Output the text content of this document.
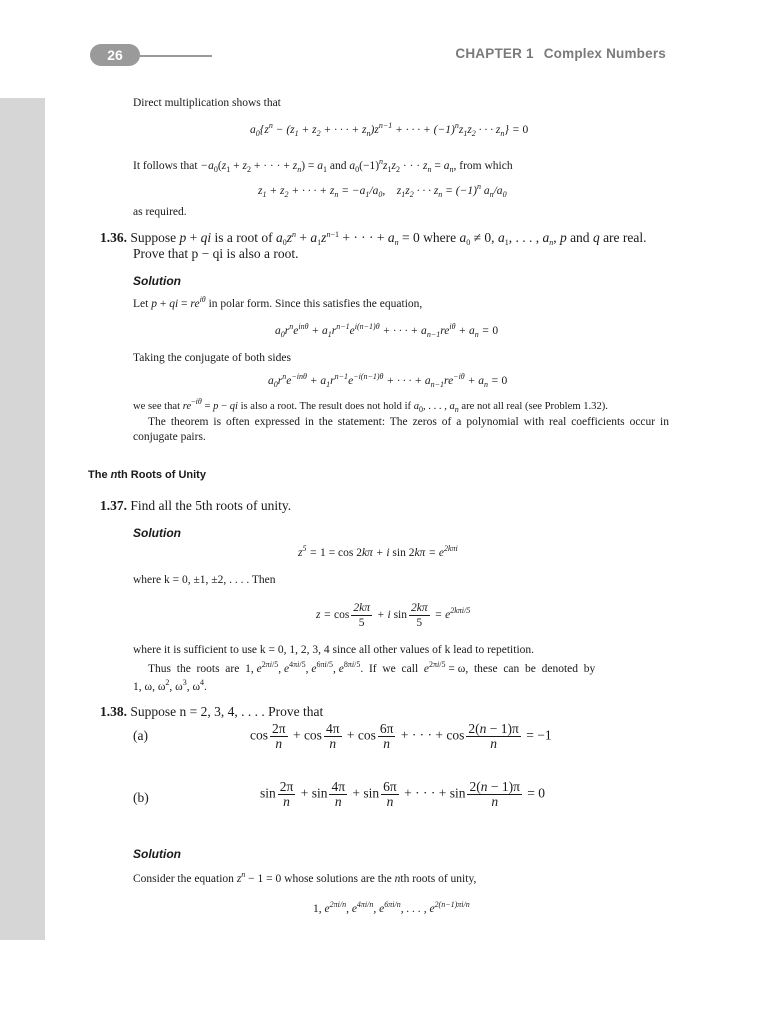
26	CHAPTER 1 Complex Numbers
Direct multiplication shows that
$a_0\{z^n - (z_1 + z_2$ + · · · + $z_n)z^{n-1}$ + · · · + $(-1)^nz_1z_2$ · · · $z_n\} = 0$
It follows that $-a_0(z_1 + z_2$ + · · · + $z_n) = a_1$ and $a_0(-1)^nz_1z_2$ · · · $z_n = a_n$, from which
$z_1 + z_2$ + · · · + $z_n = -a_1/a_0$,    $z_1z_2$ · · · $z_n = (-1)^n$ $a_n/a_0$
as required.
1.36. Suppose p + qi is a root of $a_0z^n + a_1z^{n-1}$ + · · · + $a_n = 0$ where $a_0 \ne 0$, $a_1$, . . . , $a_n$, p and q are real.
Prove that p − qi is also a root.
Solution
Let p + qi = $re^{i\theta}$ in polar form. Since this satisfies the equation,
$a_0r^ne^{in\theta} + a_1r^{n-1}e^{i(n-1)\theta}$ + · · · + $a_{n-1}re^{i\theta} + a_n = 0$
Taking the conjugate of both sides
$a_0r^ne^{-in\theta} + a_1r^{n-1}e^{-i(n-1)\theta}$ + · · · + $a_{n-1}re^{-i\theta} + a_n = 0$
we see that $re^{-i\theta} = p$ − qi is also a root. The result does not hold if $a_0$, . . . , $a_n$ are not all real (see Problem 1.32).
The theorem is often expressed in the statement: The zeros of a polynomial with real coefficients occur in conjugate pairs.
The nth Roots of Unity
1.37. Find all the 5th roots of unity.
Solution
$z^5 = 1 = \cos 2k\pi + i$ $\sin 2k\pi = e^{2k\pi i}$
where k = 0, ±1, ±2, . . . . Then
$z = \cos \frac{2k\pi}{5} + i$ $\sin \frac{2k\pi}{5} = e^{2k\pi i/5}$
where it is sufficient to use k = 0, 1, 2, 3, 4 since all other values of k lead to repetition.
Thus  the  roots  are  1, $e^{2\pi i/5}$, $e^{4\pi i/5}$, $e^{6\pi i/5}$, $e^{8\pi i/5}$.  If  we  call  $e^{2\pi i/5} = \omega$,  these  can  be  denoted  by
1, ω, $\omega^2$, $\omega^3$, $\omega^4$.
1.38. Suppose n = 2, 3, 4, . . . . Prove that
(a)	$\cos \frac{2\pi}{n} + \cos \frac{4\pi}{n} + \cos \frac{6\pi}{n}$ + · · · + $\cos \frac{2(n - 1)\pi}{n} = -1$
(b)	$\sin \frac{2\pi}{n} + \sin \frac{4\pi}{n} + \sin \frac{6\pi}{n}$ + · · · + $\sin \frac{2(n - 1)\pi}{n} = 0$
Solution
Consider the equation $z^n - 1 = 0$ whose solutions are the nth roots of unity,
1, $e^{2\pi i/n}$, $e^{4\pi i/n}$, $e^{6\pi i/n}$, . . . , $e^{2(n-1)\pi i/n}$
